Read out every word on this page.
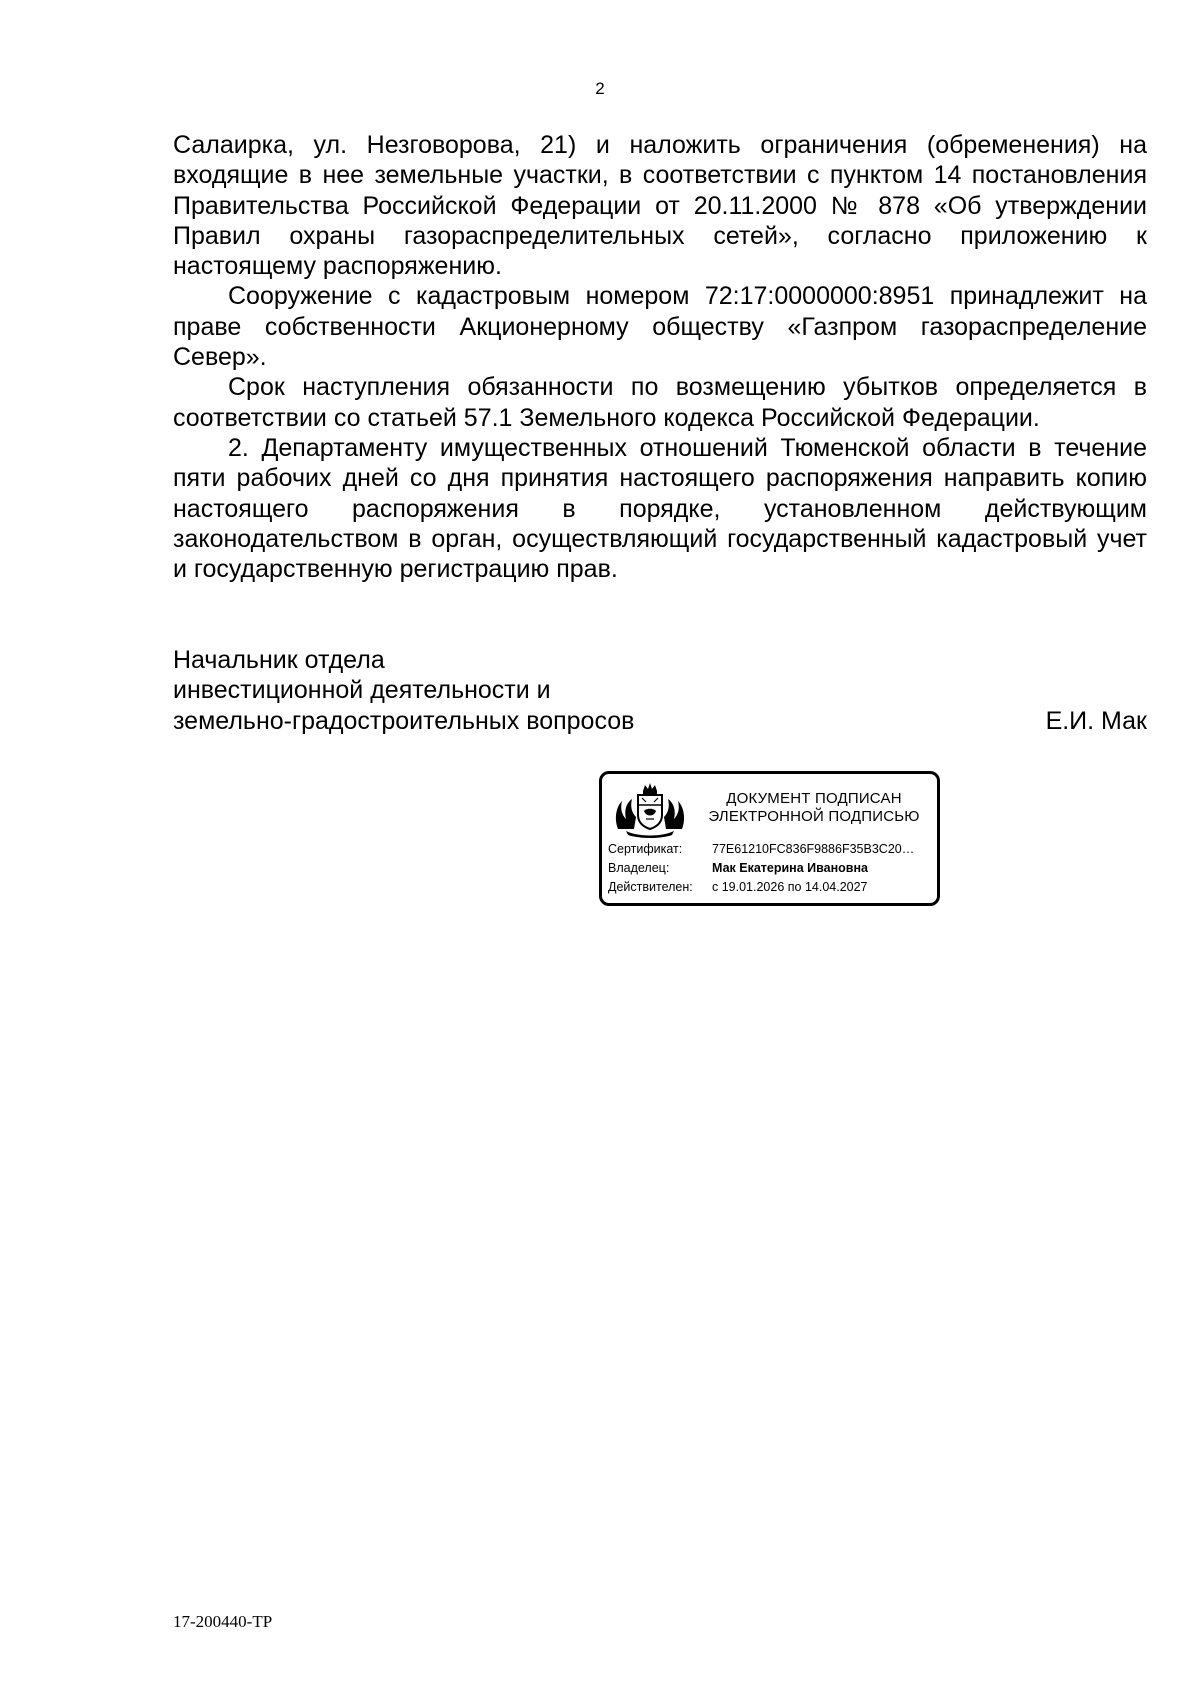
2

Салаирка, ул. Незговорова, 21) и наложить ограничения (обременения) на входящие в нее земельные участки, в соответствии с пунктом 14 постановления Правительства Российской Федерации от 20.11.2000 № 878 «Об утверждении Правил охраны газораспределительных сетей», согласно приложению к настоящему распоряжению.

Сооружение с кадастровым номером 72:17:0000000:8951 принадлежит на праве собственности Акционерному обществу «Газпром газораспределение Север».

Срок наступления обязанности по возмещению убытков определяется в соответствии со статьей 57.1 Земельного кодекса Российской Федерации.

2. Департаменту имущественных отношений Тюменской области в течение пяти рабочих дней со дня принятия настоящего распоряжения направить копию настоящего распоряжения в порядке, установленном действующим законодательством в орган, осуществляющий государственный кадастровый учет и государственную регистрацию прав.

Начальник отдела
инвестиционной деятельности и
земельно-градостроительных вопросов	Е.И. Мак
ДОКУМЕНТ ПОДПИСАН
ЭЛЕКТРОННОЙ ПОДПИСЬЮ
Сертификат: 77E61210FC836F9886F35B3C20…
Владелец:	Мак Екатерина Ивановна
Действителен: с 19.01.2026 по 14.04.2027
17-200440-ТР
